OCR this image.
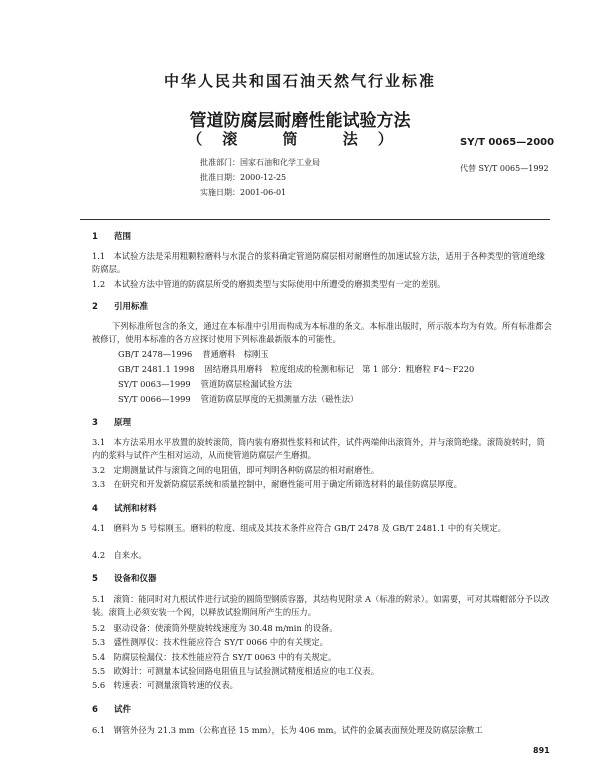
中华人民共和国石油天然气行业标准
管道防腐层耐磨性能试验方法
（滚 筒 法）	SY/T 0065—2000
代替 SY/T 0065—1992
批准部门：国家石油和化学工业局
批准日期：2000-12-25
实施日期：2001-06-01
1 范围
1.1　本试验方法是采用粗颗粒磨料与水混合的浆料确定管道防腐层相对耐磨性的加速试验方法，适用于各种类型的管道绝缘防腐层。
1.2　本试验方法中管道的防腐层所受的磨损类型与实际使用中所遭受的磨损类型有一定的差别。
2 引用标准
下列标准所包含的条文，通过在本标准中引用而构成为本标准的条文。本标准出版时，所示版本均为有效。所有标准都会被修订，使用本标准的各方应探讨使用下列标准最新版本的可能性。
GB/T 2478—1996 普通磨料　棕刚玉
GB/T 2481.1 1998 固结磨具用磨料　粒度组成的检测和标记　第 1 部分：粗磨粒 F4～F220
SY/T 0063—1999 管道防腐层检漏试验方法
SY/T 0066—1999 管道防腐层厚度的无损测量方法（磁性法）
3 原理
3.1　本方法采用水平放置的旋转滚筒，筒内装有磨损性浆料和试件，试件两端伸出滚筒外，并与滚筒绝缘。滚筒旋转时，筒内的浆料与试件产生相对运动，从而使管道防腐层产生磨损。
3.2　定期测量试件与滚筒之间的电阻值，即可判明各种防腐层的相对耐磨性。
3.3　在研究和开发新防腐层系统和质量控制中，耐磨性能可用于确定所筛选材料的最佳防腐层厚度。
4 试剂和材料
4.1　磨料为 5 号棕刚玉。磨料的粒度、组成及其技术条件应符合 GB/T 2478 及 GB/T 2481.1 中的有关规定。
4.2　自来水。
5 设备和仪器
5.1　滚筒：能同时对九根试件进行试验的圆筒型钢质容器，其结构见附录 A（标准的附录）。如需要，可对其端帽部分予以改装。滚筒上必须安装一个阀，以释放试验期间所产生的压力。
5.2　驱动设备：使滚筒外壁旋转线速度为 30.48 m/min 的设备。
5.3　盛性测厚仪：技术性能应符合 SY/T 0066 中的有关规定。
5.4　防腐层检漏仪：技术性能应符合 SY/T 0063 中的有关规定。
5.5　欧姆计：可测量本试验回路电阻值且与试验测试精度相适应的电工仪表。
5.6　转速表：可测量滚筒转速的仪表。
6 试件
6.1　钢管外径为 21.3 mm（公称直径 15 mm），长为 406 mm。试件的金属表面预处理及防腐层涂敷工
891
